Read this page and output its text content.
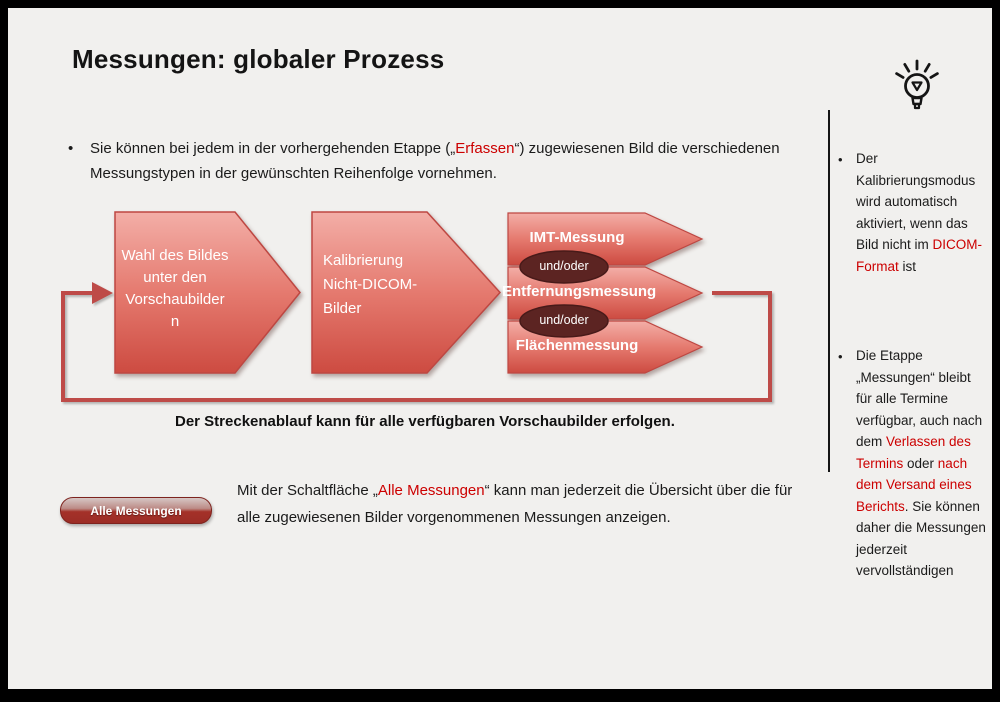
Messungen: globaler Prozess
• Sie können bei jedem in der vorhergehenden Etappe („Erfassen“) zugewiesenen Bild die verschiedenen Messungstypen in der gewünschten Reihenfolge vornehmen.
Wahl des Bildes
unter den
Vorschaubilder
n
Kalibrierung
Nicht-DICOM-
Bilder
IMT-Messung
und/oder
Entfernungsmessung
und/oder
Flächenmessung
Der Streckenablauf kann für alle verfügbaren Vorschaubilder erfolgen.
Alle Messungen
Mit der Schaltfläche „Alle Messungen“ kann man jederzeit die Übersicht über die für alle zugewiesenen Bilder vorgenommenen Messungen anzeigen.
• Der Kalibrierungsmodus wird automatisch aktiviert, wenn das Bild nicht im DICOM-Format ist
• Die Etappe „Messungen“ bleibt für alle Termine verfügbar, auch nach dem Verlassen des Termins oder nach dem Versand eines Berichts. Sie können daher die Messungen jederzeit vervollständigen
